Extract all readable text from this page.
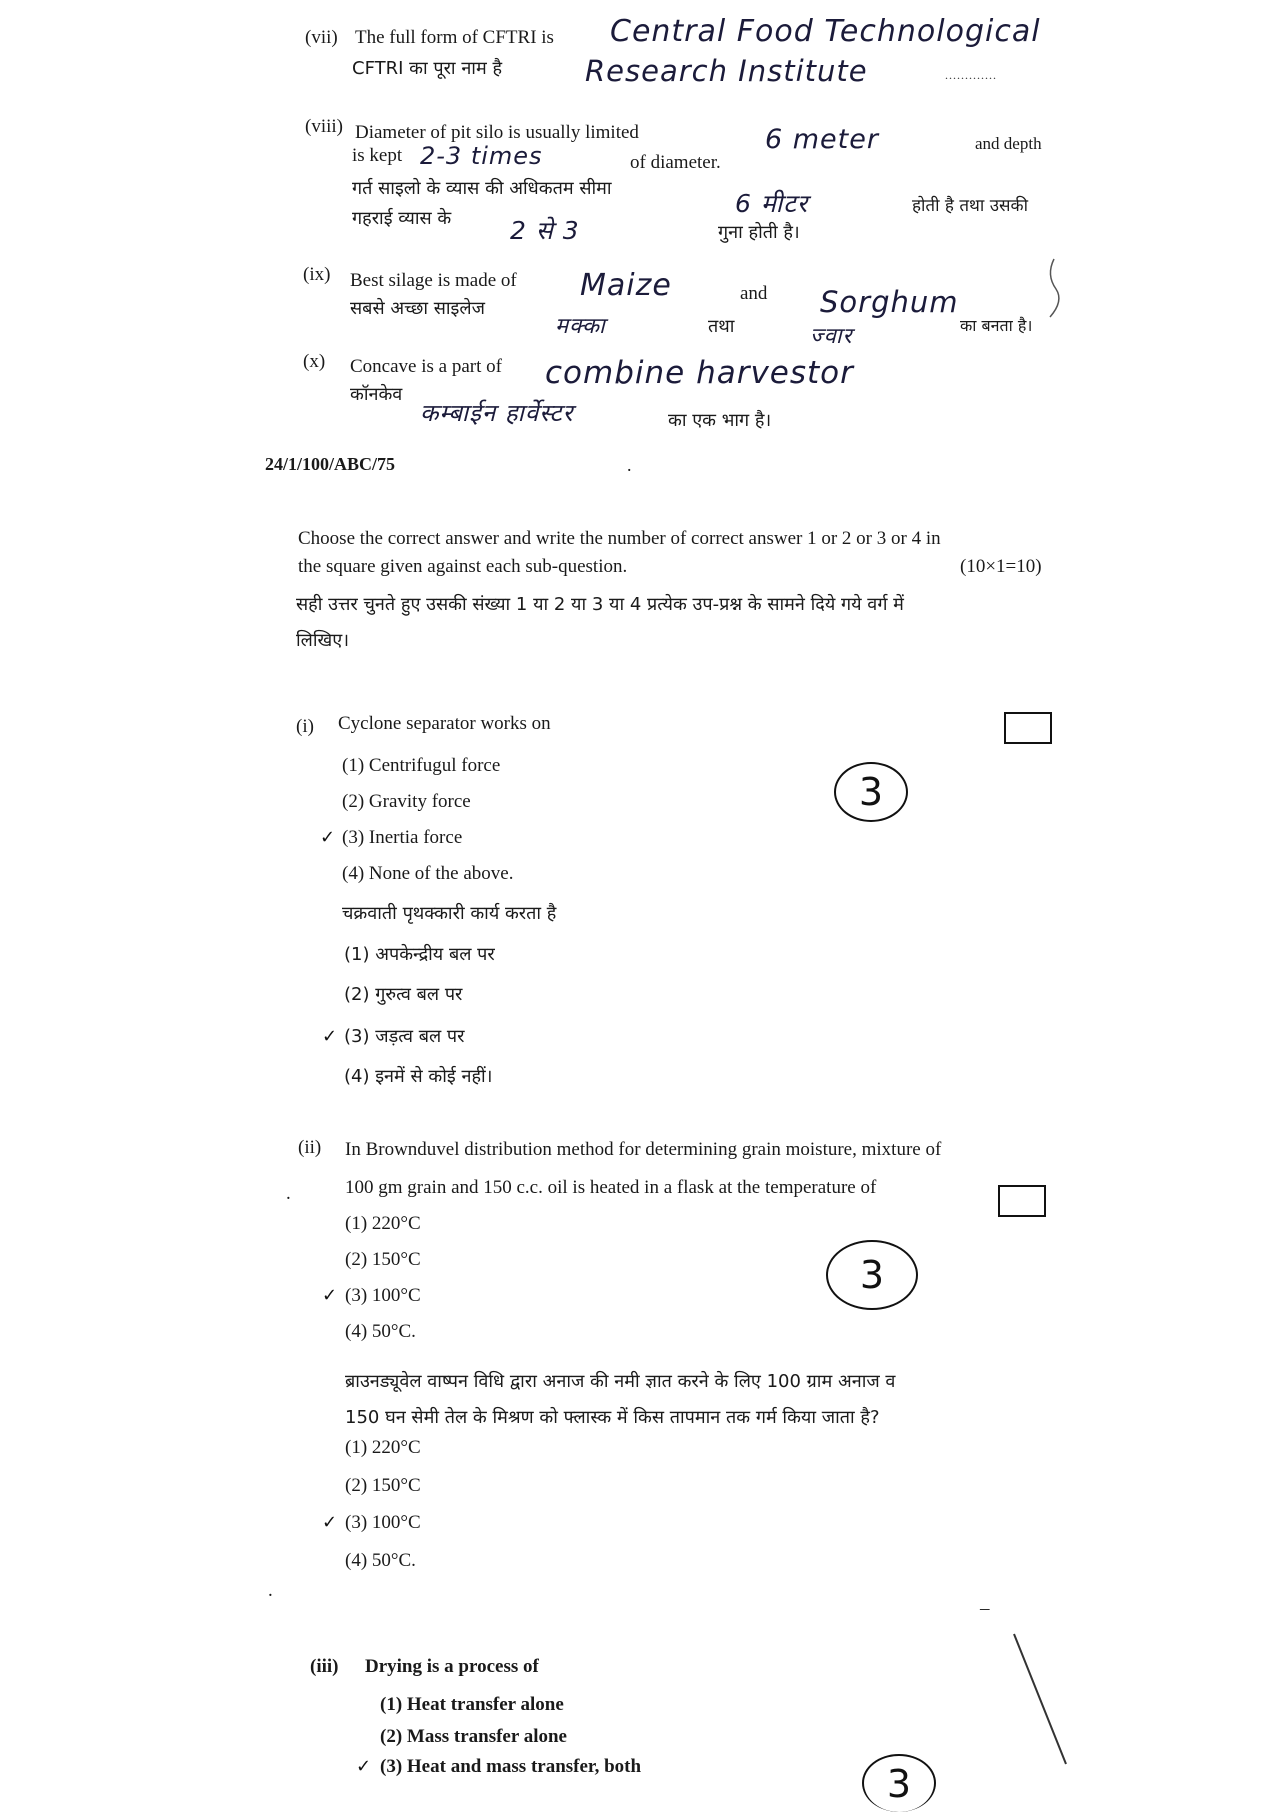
(vii) The full form of CFTRI is Central Food Technological
CFTRI का पूरा नाम है	Research Institute	.............
(viii) Diameter of pit silo is usually limited	6 meter	and depth
is kept 2-3 times	of diameter.
गर्त साइलो के व्यास की अधिकतम सीमा
6 मीटर	होती है तथा उसकी
गहराई व्यास के 2 से 3	गुना होती है।
(ix) Best silage is made of Maize	and Sorghum
सबसे अच्छा साइलेज
मक्का	तथा	ज्वार	का बनता है।
(x) Concave is a part of combine harvestor
कॉनकेव
कम्बाईन हार्वेस्टर	का एक भाग है।
24/1/100/ABC/75	.
Choose the correct answer and write the number of correct answer 1 or 2 or 3 or 4 in
the square given against each sub-question.	(10×1=10)
सही उत्तर चुनते हुए उसकी संख्या 1 या 2 या 3 या 4 प्रत्येक उप-प्रश्न के सामने दिये गये वर्ग में
लिखिए।
(i) Cyclone separator works on
(1) Centrifugul force
(2) Gravity force
✓ (3) Inertia force
(4) None of the above.
3
चक्रवाती पृथक्कारी कार्य करता है
(1) अपकेन्द्रीय बल पर
(2) गुरुत्व बल पर
✓ (3) जड़त्व बल पर
(4) इनमें से कोई नहीं।
(ii) In Brownduvel distribution method for determining grain moisture, mixture of
100 gm grain and 150 c.c. oil is heated in a flask at the temperature of
.
(1) 220°C
(2) 150°C
✓ (3) 100°C
(4) 50°C.
3
ब्राउनड्यूवेल वाष्पन विधि द्वारा अनाज की नमी ज्ञात करने के लिए 100 ग्राम अनाज व
150 घन सेमी तेल के मिश्रण को फ्लास्क में किस तापमान तक गर्म किया जाता है?
(1) 220°C
(2) 150°C
✓ (3) 100°C
(4) 50°C.
.
–
(iii) Drying is a process of
(1) Heat transfer alone
(2) Mass transfer alone
✓ (3) Heat and mass transfer, both	3
